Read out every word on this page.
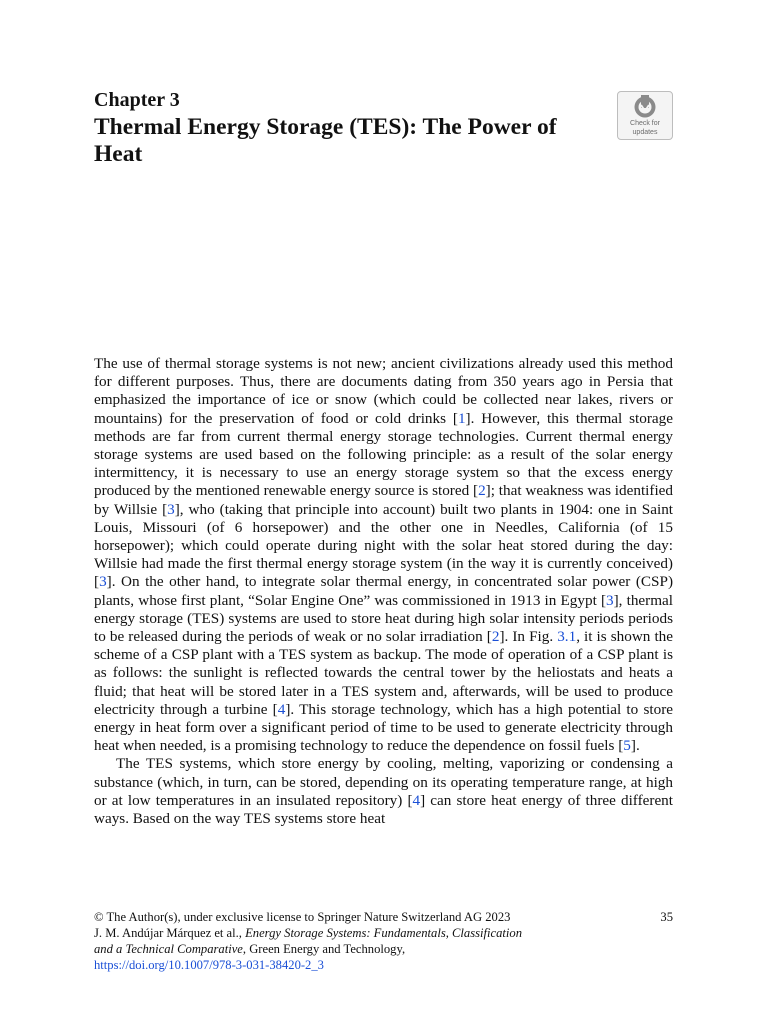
Chapter 3
Thermal Energy Storage (TES): The Power of Heat
Check for
updates

The use of thermal storage systems is not new; ancient civilizations already used this method for different purposes. Thus, there are documents dating from 350 years ago in Persia that emphasized the importance of ice or snow (which could be collected near lakes, rivers or mountains) for the preservation of food or cold drinks [1]. However, this thermal storage methods are far from current thermal energy storage technologies. Current thermal energy storage systems are used based on the following principle: as a result of the solar energy intermittency, it is necessary to use an energy storage system so that the excess energy produced by the mentioned renewable energy source is stored [2]; that weakness was identified by Willsie [3], who (taking that principle into account) built two plants in 1904: one in Saint Louis, Missouri (of 6 horsepower) and the other one in Needles, California (of 15 horsepower); which could operate during night with the solar heat stored during the day: Willsie had made the first thermal energy storage system (in the way it is currently conceived) [3]. On the other hand, to integrate solar thermal energy, in concentrated solar power (CSP) plants, whose first plant, “Solar Engine One” was commissioned in 1913 in Egypt [3], thermal energy storage (TES) systems are used to store heat during high solar intensity periods periods to be released during the periods of weak or no solar irradiation [2]. In Fig. 3.1, it is shown the scheme of a CSP plant with a TES system as backup. The mode of operation of a CSP plant is as follows: the sunlight is reflected towards the central tower by the heliostats and heats a fluid; that heat will be stored later in a TES system and, afterwards, will be used to produce electricity through a turbine [4]. This storage technology, which has a high potential to store energy in heat form over a significant period of time to be used to generate electricity through heat when needed, is a promising technology to reduce the dependence on fossil fuels [5].

The TES systems, which store energy by cooling, melting, vaporizing or condensing a substance (which, in turn, can be stored, depending on its operating temperature range, at high or at low temperatures in an insulated repository) [4] can store heat energy of three different ways. Based on the way TES systems store heat

© The Author(s), under exclusive license to Springer Nature Switzerland AG 2023	35
J. M. Andújar Márquez et al., Energy Storage Systems: Fundamentals, Classification
and a Technical Comparative, Green Energy and Technology,
https://doi.org/10.1007/978-3-031-38420-2_3
